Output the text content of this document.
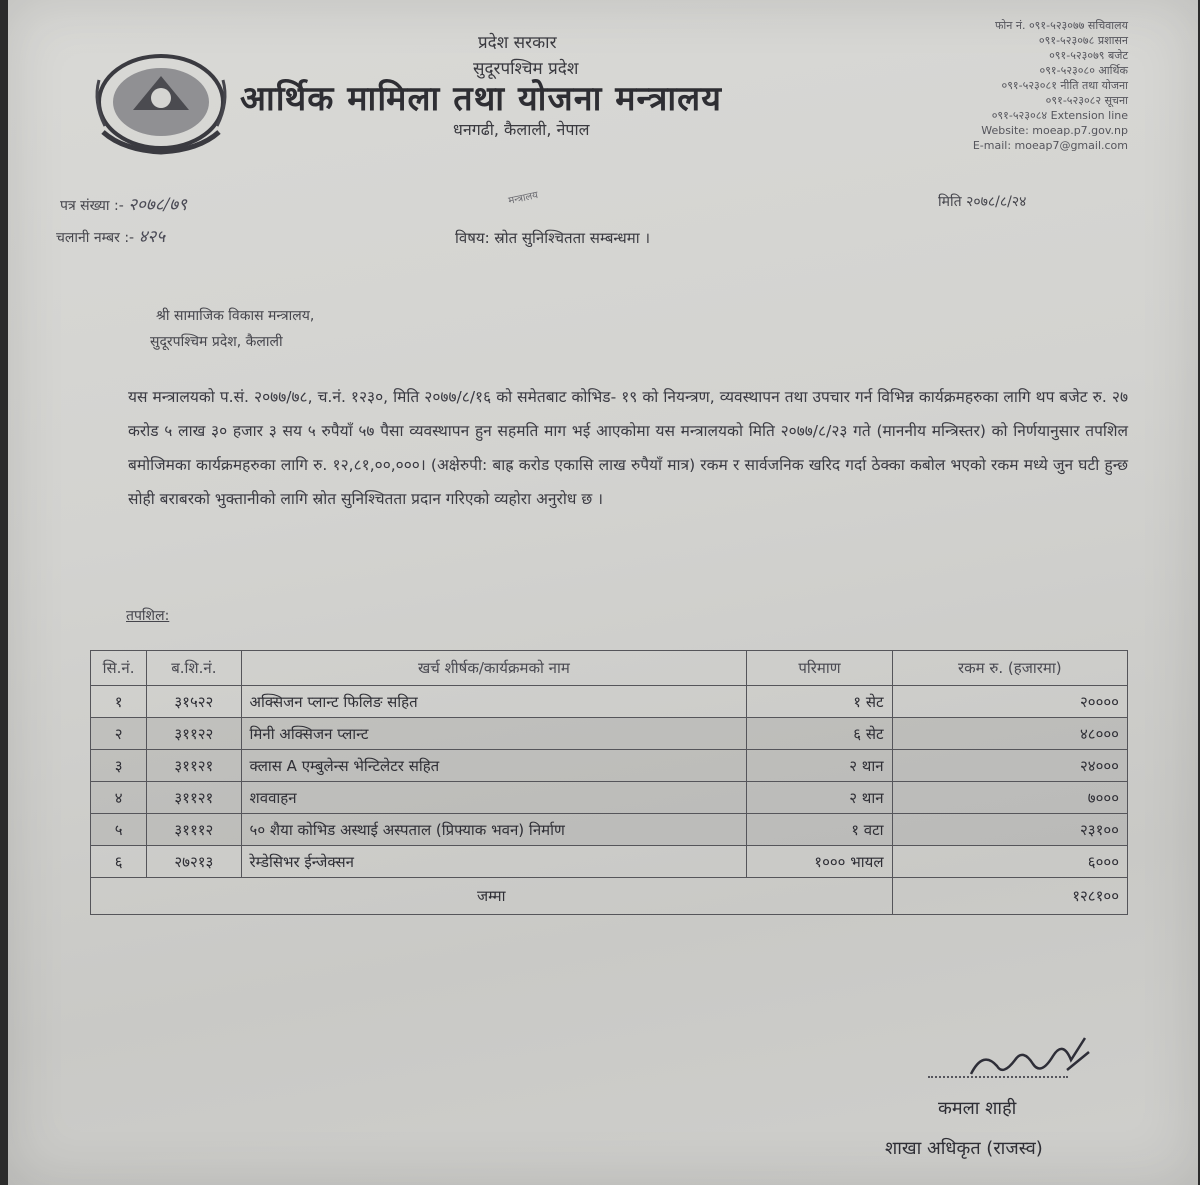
प्रदेश सरकार
सुदूरपश्चिम प्रदेश
आर्थिक मामिला तथा योजना मन्त्रालय
धनगढी, कैलाली, नेपाल
फोन नं. ०९१-५२३०७७ सचिवालय
०९१-५२३०७८ प्रशासन
०९१-५२३०७९ बजेट
०९१-५२३०८० आर्थिक
०९१-५२३०८१ नीति तथा योजना
०९१-५२३०८२ सूचना
०९१-५२३०८४ Extension line
Website: moeap.p7.gov.np
E-mail: moeap7@gmail.com
पत्र संख्या :- २०७८/७९
चलानी नम्बर :- ४२५
मिति २०७८/८/२४
मन्त्रालय
विषय: स्रोत सुनिश्चितता सम्बन्धमा ।
श्री सामाजिक विकास मन्त्रालय,
सुदूरपश्चिम प्रदेश, कैलाली
यस मन्त्रालयको प.सं. २०७७/७८, च.नं. १२३०, मिति २०७७/८/१६ को समेतबाट कोभिड- १९ को नियन्त्रण, व्यवस्थापन तथा उपचार गर्न विभिन्न कार्यक्रमहरुका लागि थप बजेट रु. २७ करोड ५ लाख ३० हजार ३ सय ५ रुपैयाँ ५७ पैसा व्यवस्थापन हुन सहमति माग भई आएकोमा यस मन्त्रालयको मिति २०७७/८/२३ गते (माननीय मन्त्रिस्तर) को निर्णयानुसार तपशिल बमोजिमका कार्यक्रमहरुका लागि रु. १२,८१,००,०००। (अक्षेरुपी: बाह्र करोड एकासि लाख रुपैयाँ मात्र) रकम र सार्वजनिक खरिद गर्दा ठेक्का कबोल भएको रकम मध्ये जुन घटी हुन्छ सोही बराबरको भुक्तानीको लागि स्रोत सुनिश्चितता प्रदान गरिएको व्यहोरा अनुरोध छ ।
तपशिल:
सि.नं.	ब.शि.नं.	खर्च शीर्षक/कार्यक्रमको नाम	परिमाण	रकम रु. (हजारमा)
१	३१५२२	अक्सिजन प्लान्ट फिलिङ सहित	१ सेट	२००००
२	३११२२	मिनी अक्सिजन प्लान्ट	६ सेट	४८०००
३	३११२१	क्लास A एम्बुलेन्स भेन्टिलेटर सहित	२ थान	२४०००
४	३११२१	शववाहन	२ थान	७०००
५	३१११२	५० शैया कोभिड अस्थाई अस्पताल (प्रिफ्याक भवन) निर्माण	१ वटा	२३१००
६	२७२१३	रेम्डेसिभर ईन्जेक्सन	१००० भायल	६०००
जम्मा				१२८१००
कमला शाही
शाखा अधिकृत (राजस्व)
